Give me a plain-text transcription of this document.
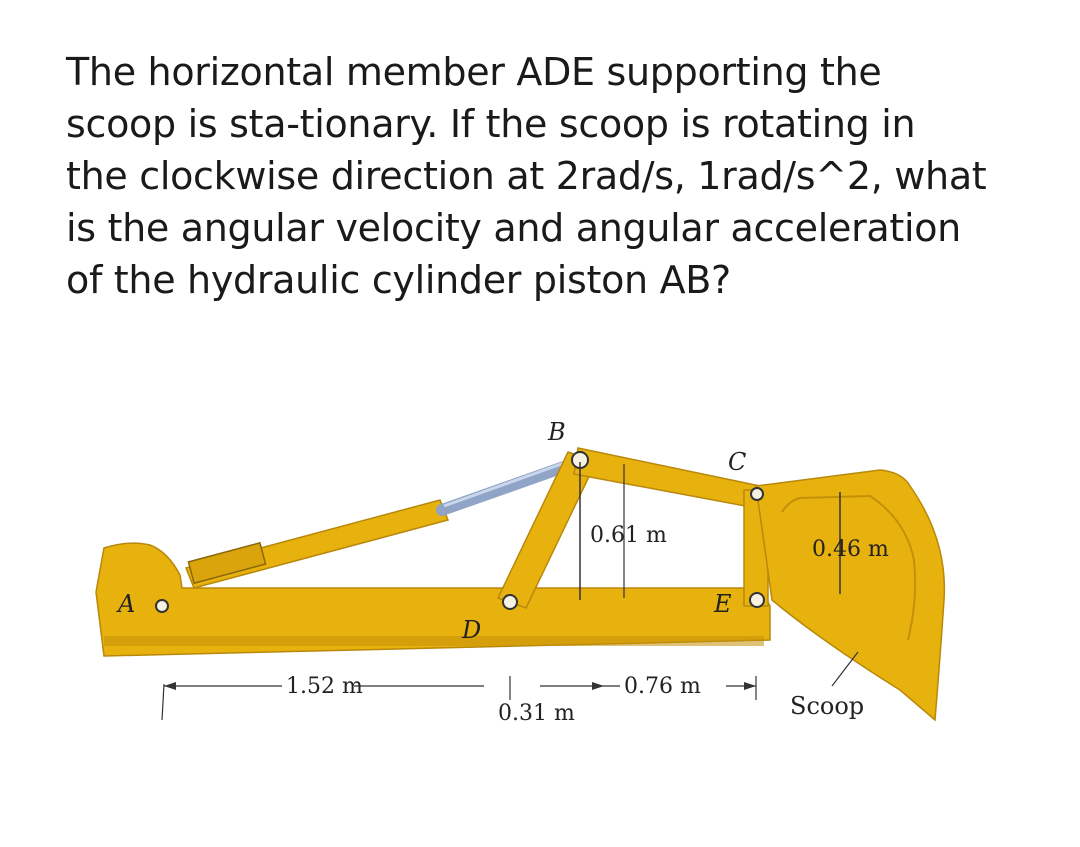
The horizontal member ADE supporting the
scoop is sta-tionary. If the scoop is rotating in
the clockwise direction at 2rad/s, 1rad/s^2, what
is the angular velocity and angular acceleration
of the hydraulic cylinder piston AB?
A
B
C
D
E
0.61 m
0.46 m
1.52 m
0.31 m
0.76 m
Scoop
